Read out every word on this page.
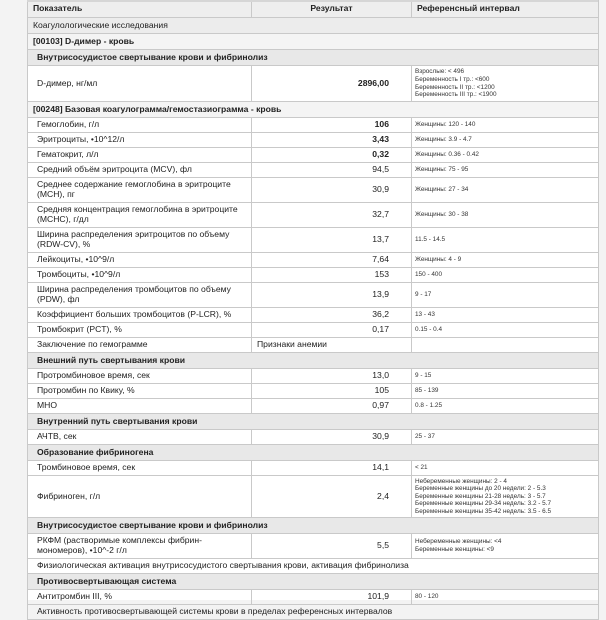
Показатель	Результат	Референсный интервал
Коагулологические исследования		
[00103] D-димер - кровь		
Внутрисосудистое свертывание крови и фибринолиз		
D-димер, нг/мл	2896,00	Взрослые: < 496
Беременность I тр.: <600
Беременность II тр.: <1200
Беременность III тр.: <1900

[00248] Базовая коагулограмма/гемостазиограмма - кровь		
Гемоглобин, г/л	106	Женщины: 120 - 140
Эритроциты, •10^12/л	3,43	Женщины: 3.9 - 4.7
Гематокрит, л/л	0,32	Женщины: 0.36 - 0.42
Средний объём эритроцита (MCV), фл	94,5	Женщины: 75 - 95
Среднее содержание гемоглобина в эритроците (MCH), пг	30,9	Женщины: 27 - 34
Средняя концентрация гемоглобина в эритроците (MCHC), г/дл	32,7	Женщины: 30 - 38
Ширина распределения эритроцитов по объему (RDW-CV), %	13,7	11.5 - 14.5
Лейкоциты, •10^9/л	7,64	Женщины: 4 - 9
Тромбоциты, •10^9/л	153	150 - 400
Ширина распределения тромбоцитов по объему (PDW), фл	13,9	9 - 17
Коэффициент больших тромбоцитов (P-LCR), %	36,2	13 - 43
Тромбокрит (PCT), %	0,17	0.15 - 0.4
Заключение по гемограмме	Признаки анемии	
Внешний путь свертывания крови		
Протромбиновое время, сек	13,0	9 - 15
Протромбин по Квику, %	105	85 - 139
МНО	0,97	0.8 - 1.25
Внутренний путь свертывания крови		
АЧТВ, сек	30,9	25 - 37
Образование фибриногена		
Тромбиновое время, сек	14,1	< 21
Фибриноген, г/л	2,4	Небеременные женщины: 2 - 4
Беременные женщины до 20 недели: 2 - 5.3
Беременные женщины 21-28 недель: 3 - 5.7
Беременные женщины 29-34 недель: 3.2 - 5.7
Беременные женщины 35-42 недель: 3.5 - 6.5

Внутрисосудистое свертывание крови и фибринолиз		
РКФМ (растворимые комплексы фибрин-мономеров), •10^-2 г/л	5,5	Небеременные женщины: <4
Беременные женщины: <9

Физиологическая активация внутрисосудистого свертывания крови, активация фибринолиза		
Противосвертывающая система		
Антитромбин III, %	101,9	80 - 120
Активность противосвертывающей системы крови в пределах референсных интервалов		
